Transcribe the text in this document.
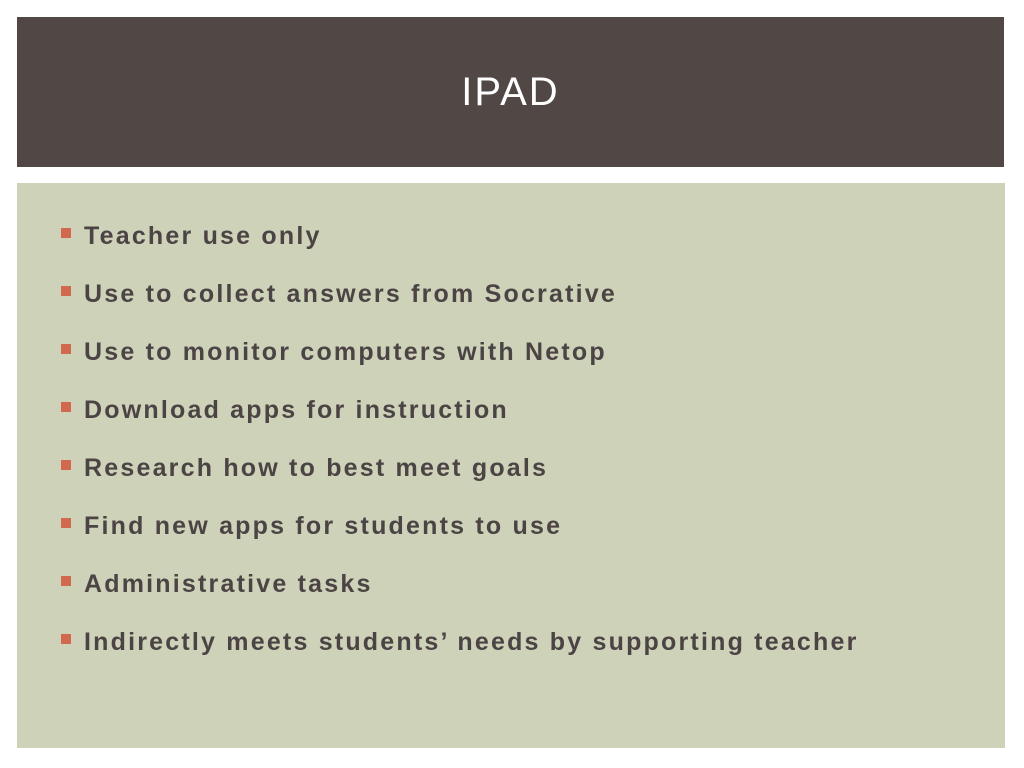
IPAD
Teacher use only
Use to collect answers from Socrative
Use to monitor computers with Netop
Download apps for instruction
Research how to best meet goals
Find new apps for students to use
Administrative tasks
Indirectly meets students’ needs by supporting teacher
